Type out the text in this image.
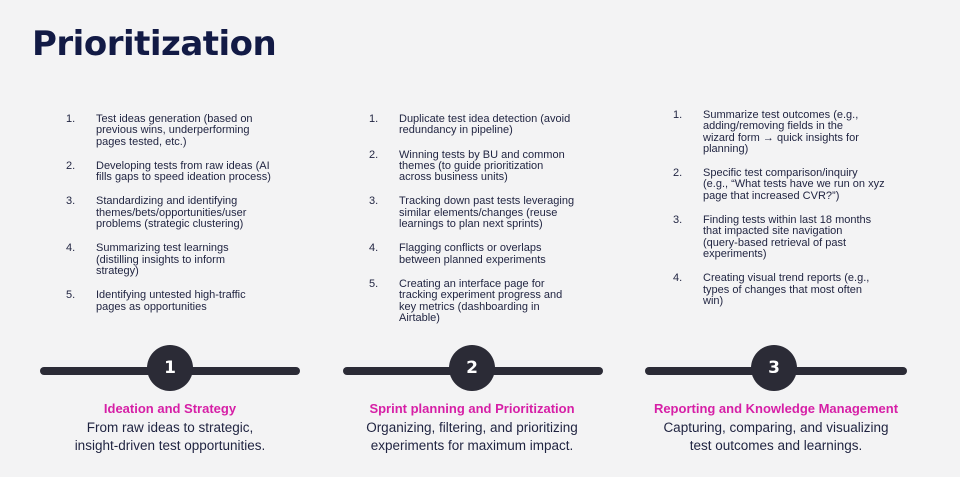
Prioritization
1. Test ideas generation (based on
previous wins, underperforming
pages tested, etc.)
2. Developing tests from raw ideas (AI
fills gaps to speed ideation process)
3. Standardizing and identifying
themes/bets/opportunities/user
problems (strategic clustering)
4. Summarizing test learnings
(distilling insights to inform
strategy)
5. Identifying untested high-traffic
pages as opportunities
1. Duplicate test idea detection (avoid
redundancy in pipeline)
2. Winning tests by BU and common
themes (to guide prioritization
across business units)
3. Tracking down past tests leveraging
similar elements/changes (reuse
learnings to plan next sprints)
4. Flagging conflicts or overlaps
between planned experiments
5. Creating an interface page for
tracking experiment progress and
key metrics (dashboarding in
Airtable)
1. Summarize test outcomes (e.g.,
adding/removing fields in the
wizard form → quick insights for
planning)
2. Specific test comparison/inquiry
(e.g., “What tests have we run on xyz
page that increased CVR?”)
3. Finding tests within last 18 months
that impacted site navigation
(query-based retrieval of past
experiments)
4. Creating visual trend reports (e.g.,
types of changes that most often
win)
1	2	3
Ideation and Strategy
From raw ideas to strategic,
insight-driven test opportunities.
Sprint planning and Prioritization
Organizing, filtering, and prioritizing
experiments for maximum impact.
Reporting and Knowledge Management
Capturing, comparing, and visualizing
test outcomes and learnings.
